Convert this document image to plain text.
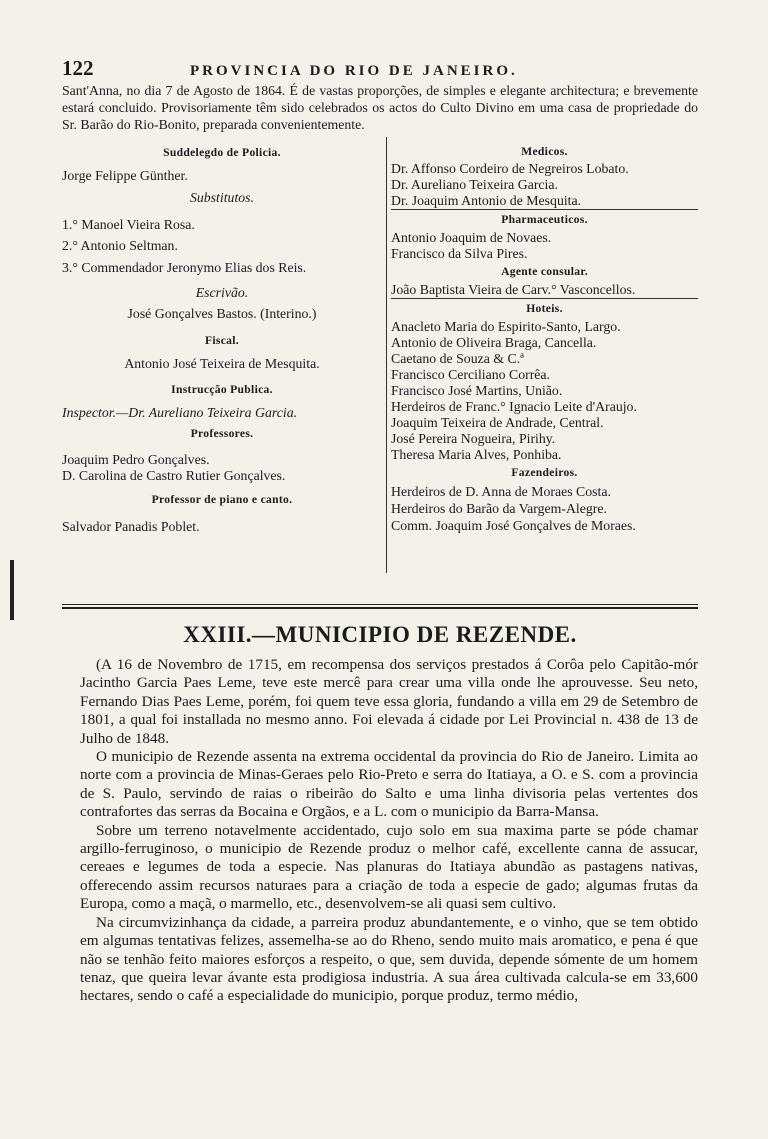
122	PROVINCIA DO RIO DE JANEIRO.
Sant'Anna, no dia 7 de Agosto de 1864. É de vastas proporções, de simples e elegante architectura; e brevemente estará concluido. Provisoriamente têm sido celebrados os actos do Culto Divino em uma casa de propriedade do Sr. Barão do Rio-Bonito, preparada convenientemente.
Suddelegdo de Policia.
Jorge Felippe Günther.
Substitutos.
1.° Manoel Vieira Rosa.
2.° Antonio Seltman.
3.° Commendador Jeronymo Elias dos Reis.
Escrivão.
José Gonçalves Bastos. (Interino.)
Fiscal.
Antonio José Teixeira de Mesquita.
Instrucção Publica.
Inspector.—Dr. Aureliano Teixeira Garcia.
Professores.
Joaquim Pedro Gonçalves.
D. Carolina de Castro Rutier Gonçalves.
Professor de piano e canto.
Salvador Panadis Poblet.
Medicos.
Dr. Affonso Cordeiro de Negreiros Lobato.
Dr. Aureliano Teixeira Garcia.
Dr. Joaquim Antonio de Mesquita.
Pharmaceuticos.
Antonio Joaquim de Novaes.
Francisco da Silva Pires.
Agente consular.
João Baptista Vieira de Carv.° Vasconcellos.
Hoteis.
Anacleto Maria do Espirito-Santo, Largo.
Antonio de Oliveira Braga, Cancella.
Caetano de Souza & C.ª
Francisco Cerciliano Corrêa.
Francisco José Martins, União.
Herdeiros de Franc.° Ignacio Leite d'Araujo.
Joaquim Teixeira de Andrade, Central.
José Pereira Nogueira, Pirihy.
Theresa Maria Alves, Ponhiba.
Fazendeiros.
Herdeiros de D. Anna de Moraes Costa.
Herdeiros do Barão da Vargem-Alegre.
Comm. Joaquim José Gonçalves de Moraes.
XXIII.—MUNICIPIO DE REZENDE.

(A 16 de Novembro de 1715, em recompensa dos serviços prestados á Corôa pelo Capitão-mór Jacintho Garcia Paes Leme, teve este mercê para crear uma villa onde lhe aprouvesse. Seu neto, Fernando Dias Paes Leme, porém, foi quem teve essa gloria, fundando a villa em 29 de Setembro de 1801, a qual foi installada no mesmo anno. Foi elevada á cidade por Lei Provincial n. 438 de 13 de Julho de 1848.

O municipio de Rezende assenta na extrema occidental da provincia do Rio de Janeiro. Limita ao norte com a provincia de Minas-Geraes pelo Rio-Preto e serra do Itatiaya, a O. e S. com a provincia de S. Paulo, servindo de raias o ribeirão do Salto e uma linha divisoria pelas vertentes dos contrafortes das serras da Bocaina e Orgãos, e a L. com o municipio da Barra-Mansa.

Sobre um terreno notavelmente accidentado, cujo solo em sua maxima parte se póde chamar argillo-ferruginoso, o municipio de Rezende produz o melhor café, excellente canna de assucar, cereaes e legumes de toda a especie. Nas planuras do Itatiaya abundão as pastagens nativas, offerecendo assim recursos naturaes para a criação de toda a especie de gado; algumas frutas da Europa, como a maçã, o marmello, etc., desenvolvem-se ali quasi sem cultivo.

Na circumvizinhança da cidade, a parreira produz abundantemente, e o vinho, que se tem obtido em algumas tentativas felizes, assemelha-se ao do Rheno, sendo muito mais aromatico, e pena é que não se tenhão feito maiores esforços a respeito, o que, sem duvida, depende sómente de um homem tenaz, que queira levar ávante esta prodigiosa industria. A sua área cultivada calcula-se em 33,600 hectares, sendo o café a especialidade do municipio, porque produz, termo médio,
